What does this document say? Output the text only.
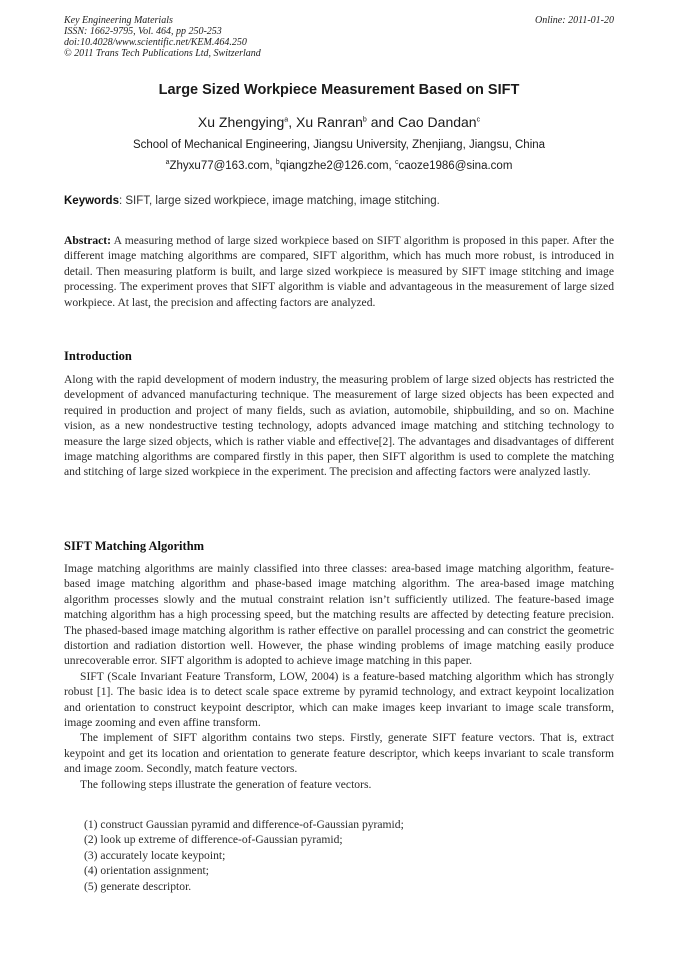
Key Engineering Materials
ISSN: 1662-9795, Vol. 464, pp 250-253
doi:10.4028/www.scientific.net/KEM.464.250
© 2011 Trans Tech Publications Ltd, Switzerland
Online: 2011-01-20
Large Sized Workpiece Measurement Based on SIFT
Xu Zhengying$^a$, Xu Ranran$^b$ and Cao Dandan$^c$
School of Mechanical Engineering, Jiangsu University, Zhenjiang, Jiangsu, China
$^a$Zhyxu77@163.com, $^b$qiangzhe2@126.com, $^c$caoze1986@sina.com
Keywords: SIFT, large sized workpiece, image matching, image stitching.
Abstract: A measuring method of large sized workpiece based on SIFT algorithm is proposed in this paper. After the different image matching algorithms are compared, SIFT algorithm, which has much more robust, is introduced in detail. Then measuring platform is built, and large sized workpiece is measured by SIFT image stitching and image processing. The experiment proves that SIFT algorithm is viable and advantageous in the measurement of large sized workpiece. At last, the precision and affecting factors are analyzed.
Introduction
Along with the rapid development of modern industry, the measuring problem of large sized objects has restricted the development of advanced manufacturing technique. The measurement of large sized objects has been expected and required in production and project of many fields, such as aviation, automobile, shipbuilding, and so on. Machine vision, as a new nondestructive testing technology, adopts advanced image matching and stitching technology to measure the large sized objects, which is rather viable and effective[2]. The advantages and disadvantages of different image matching algorithms are compared firstly in this paper, then SIFT algorithm is used to complete the matching and stitching of large sized workpiece in the experiment. The precision and affecting factors were analyzed lastly.
SIFT Matching Algorithm

Image matching algorithms are mainly classified into three classes: area-based image matching algorithm, feature-based image matching algorithm and phase-based image matching algorithm. The area-based image matching algorithm processes slowly and the mutual constraint relation isn’t sufficiently utilized. The feature-based image matching algorithm has a high processing speed, but the matching results are affected by detecting feature precision. The phased-based image matching algorithm is rather effective on parallel processing and can constrict the geometric distortion and radiation distortion well. However, the phase winding problems of image matching easily produce unrecoverable error. SIFT algorithm is adopted to achieve image matching in this paper.

SIFT (Scale Invariant Feature Transform, LOW, 2004) is a feature-based matching algorithm which has strongly robust [1]. The basic idea is to detect scale space extreme by pyramid technology, and extract keypoint localization and orientation to construct keypoint descriptor, which can make images keep invariant to image scale transform, image zooming and even affine transform.

The implement of SIFT algorithm contains two steps. Firstly, generate SIFT feature vectors. That is, extract keypoint and get its location and orientation to generate feature descriptor, which keeps invariant to scale transform and image zoom. Secondly, match feature vectors.

The following steps illustrate the generation of feature vectors.

(1) construct Gaussian pyramid and difference-of-Gaussian pyramid;
(2) look up extreme of difference-of-Gaussian pyramid;
(3) accurately locate keypoint;
(4) orientation assignment;
(5) generate descriptor.
